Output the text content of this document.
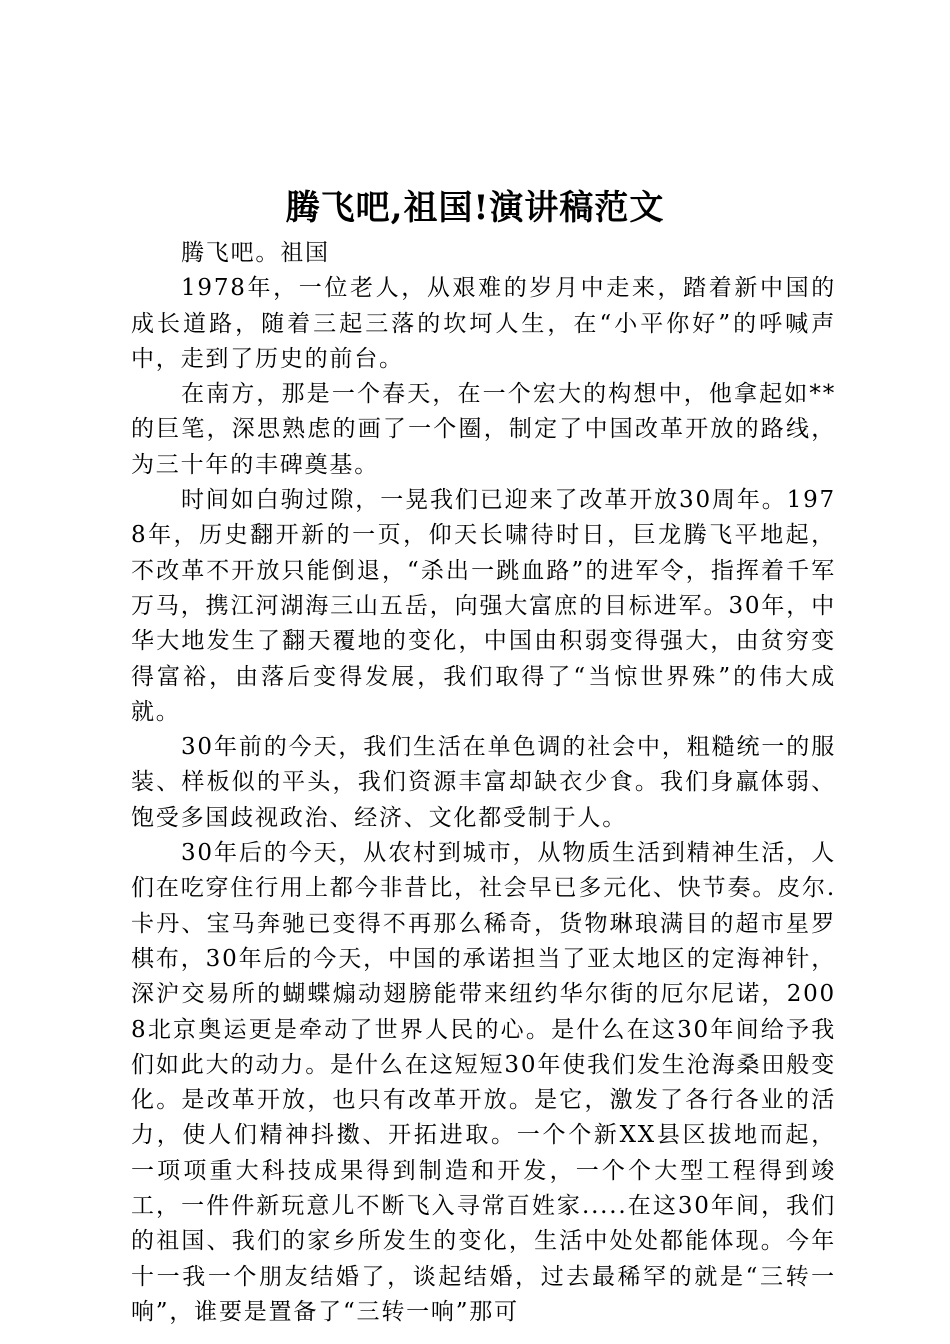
腾飞吧,祖国!演讲稿范文

腾飞吧。祖国

1978年，一位老人，从艰难的岁月中走来，踏着新中国的成长道路，随着三起三落的坎坷人生，在“小平你好”的呼喊声中，走到了历史的前台。

在南方，那是一个春天，在一个宏大的构想中，他拿起如**的巨笔，深思熟虑的画了一个圈，制定了中国改革开放的路线，为三十年的丰碑奠基。

时间如白驹过隙，一晃我们已迎来了改革开放30周年。1978年，历史翻开新的一页，仰天长啸待时日，巨龙腾飞平地起，不改革不开放只能倒退，“杀出一跳血路”的进军令，指挥着千军万马，携江河湖海三山五岳，向强大富庶的目标进军。30年，中华大地发生了翻天覆地的变化，中国由积弱变得强大，由贫穷变得富裕，由落后变得发展，我们取得了“当惊世界殊”的伟大成就。

30年前的今天，我们生活在单色调的社会中，粗糙统一的服装、样板似的平头，我们资源丰富却缺衣少食。我们身羸体弱、饱受多国歧视政治、经济、文化都受制于人。

30年后的今天，从农村到城市，从物质生活到精神生活，人们在吃穿住行用上都今非昔比，社会早已多元化、快节奏。皮尔.卡丹、宝马奔驰已变得不再那么稀奇，货物琳琅满目的超市星罗棋布，30年后的今天，中国的承诺担当了亚太地区的定海神针，深沪交易所的蝴蝶煽动翅膀能带来纽约华尔街的厄尔尼诺，2008北京奥运更是牵动了世界人民的心。是什么在这30年间给予我们如此大的动力。是什么在这短短30年使我们发生沧海桑田般变化。是改革开放，也只有改革开放。是它，激发了各行各业的活力，使人们精神抖擞、开拓进取。一个个新XX县区拔地而起，一项项重大科技成果得到制造和开发，一个个大型工程得到竣工，一件件新玩意儿不断飞入寻常百姓家.....在这30年间，我们的祖国、我们的家乡所发生的变化，生活中处处都能体现。今年十一我一个朋友结婚了，谈起结婚，过去最稀罕的就是“三转一响”，谁要是置备了“三转一响”那可
